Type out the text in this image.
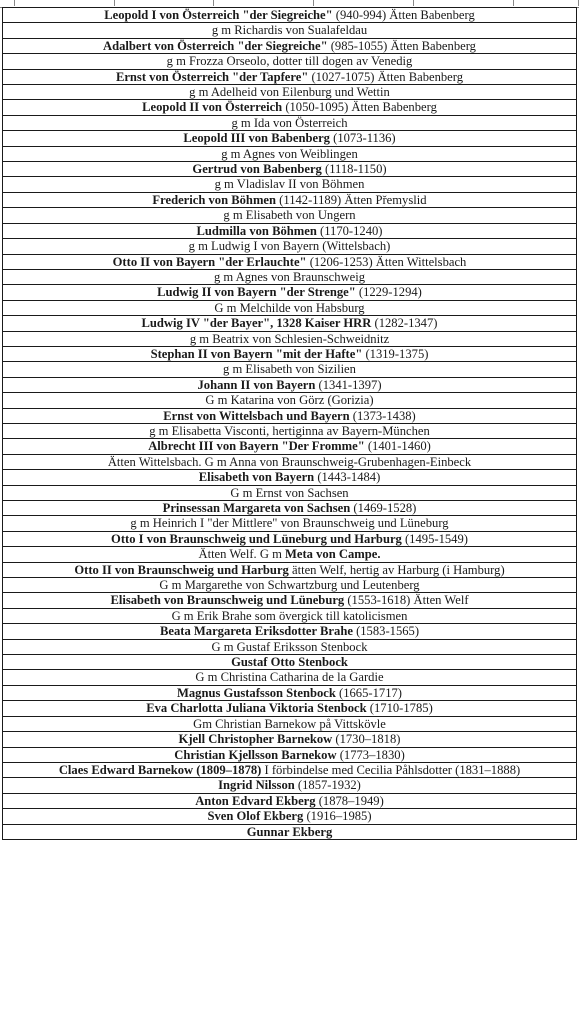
Leopold I von Österreich "der Siegreiche" (940-994) Ätten Babenberg
g m Richardis von Sualafeldau
Adalbert von Österreich "der Siegreiche" (985-1055) Ätten Babenberg
g m Frozza Orseolo, dotter till dogen av Venedig
Ernst von Österreich "der Tapfere" (1027-1075) Ätten Babenberg
g m Adelheid von Eilenburg und Wettin
Leopold II von Österreich (1050-1095) Ätten Babenberg
g m Ida von Österreich
Leopold III von Babenberg (1073-1136)
g m Agnes von Weiblingen
Gertrud von Babenberg (1118-1150)
g m Vladislav II von Böhmen
Frederich von Böhmen (1142-1189) Ätten Přemyslid
g m Elisabeth von Ungern
Ludmilla von Böhmen (1170-1240)
g m Ludwig I von Bayern (Wittelsbach)
Otto II von Bayern "der Erlauchte" (1206-1253) Ätten Wittelsbach
g m Agnes von Braunschweig
Ludwig II von Bayern "der Strenge" (1229-1294)
G m Melchilde von Habsburg
Ludwig IV "der Bayer", 1328 Kaiser HRR (1282-1347)
g m Beatrix von Schlesien-Schweidnitz
Stephan II von Bayern "mit der Hafte" (1319-1375)
g m Elisabeth von Sizilien
Johann II von Bayern (1341-1397)
G m Katarina von Görz (Gorizia)
Ernst von Wittelsbach und Bayern (1373-1438)
g m Elisabetta Visconti, hertiginna av Bayern-München
Albrecht III von Bayern "Der Fromme" (1401-1460)
Ätten Wittelsbach. G m Anna von Braunschweig-Grubenhagen-Einbeck
Elisabeth von Bayern (1443-1484)
G m Ernst von Sachsen
Prinsessan Margareta von Sachsen (1469-1528)
g m Heinrich I "der Mittlere" von Braunschweig und Lüneburg
Otto I von Braunschweig und Lüneburg und Harburg (1495-1549)
Ätten Welf. G m Meta von Campe.
Otto II von Braunschweig und Harburg ätten Welf, hertig av Harburg (i Hamburg)
G m Margarethe von Schwartzburg und Leutenberg
Elisabeth von Braunschweig und Lüneburg (1553-1618) Ätten Welf
G m Erik Brahe som övergick till katolicismen
Beata Margareta Eriksdotter Brahe (1583-1565)
G m Gustaf Eriksson Stenbock
Gustaf Otto Stenbock
G m Christina Catharina de la Gardie
Magnus Gustafsson Stenbock (1665-1717)
Eva Charlotta Juliana Viktoria Stenbock (1710-1785)
Gm Christian Barnekow på Vittskövle
Kjell Christopher Barnekow (1730–1818)
Christian Kjellsson Barnekow (1773–1830)
Claes Edward Barnekow (1809–1878) I förbindelse med Cecilia Påhlsdotter (1831–1888)
Ingrid Nilsson (1857-1932)
Anton Edvard Ekberg (1878–1949)
Sven Olof Ekberg (1916–1985)
Gunnar Ekberg
